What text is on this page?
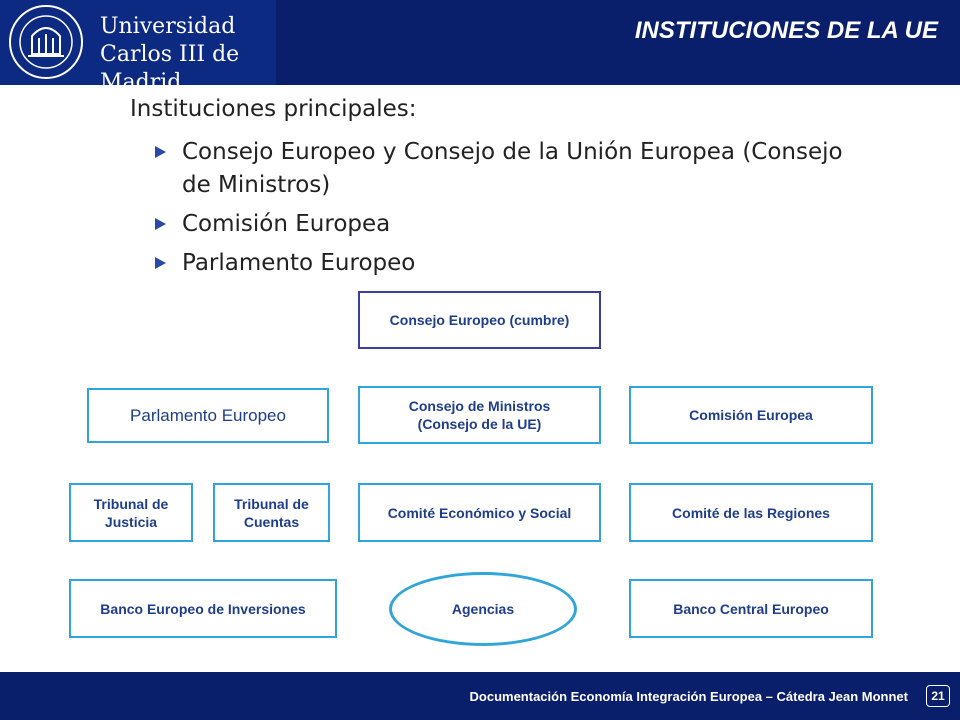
Universidad
Carlos III de Madrid
INSTITUCIONES DE LA UE
Instituciones principales:
Consejo Europeo y Consejo de la Unión Europea (Consejo de Ministros)
Comisión Europea
Parlamento Europeo
Consejo Europeo (cumbre)
Parlamento Europeo	Consejo de Ministros
(Consejo de la UE)
Comisión Europea
Tribunal de
Justicia
Tribunal de
Cuentas
Comité Económico y Social	Comité de las Regiones
Banco Europeo de Inversiones	Agencias	Banco Central Europeo
Documentación Economía Integración Europea – Cátedra Jean Monnet	21
